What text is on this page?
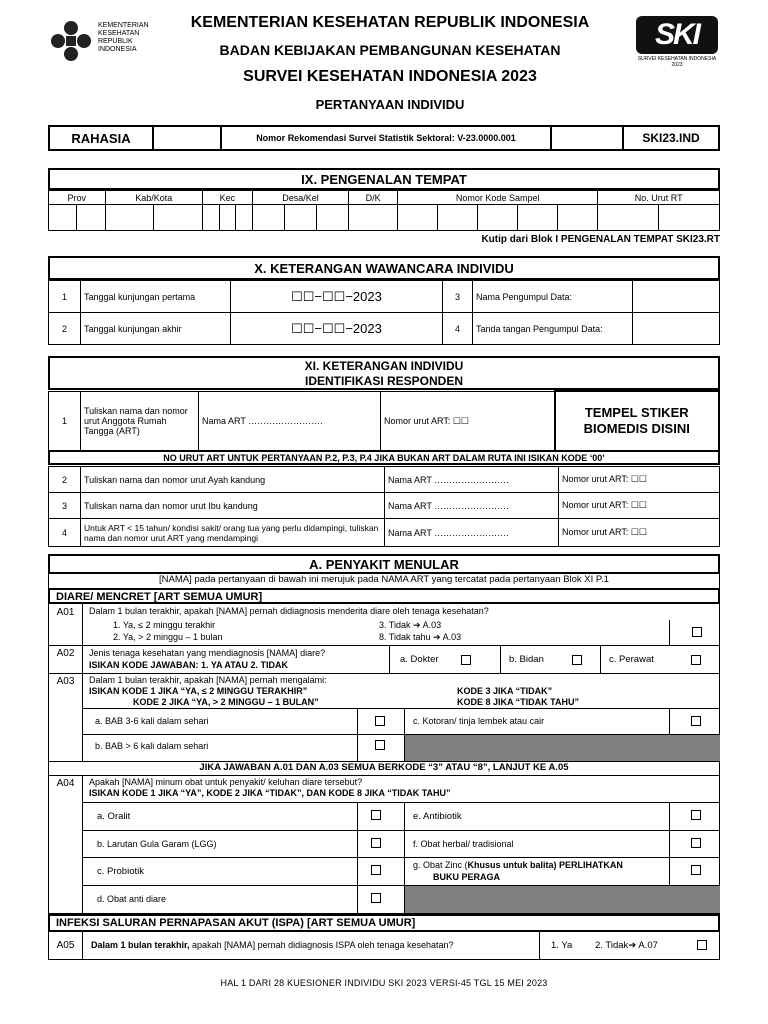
KEMENTERIAN
KESEHATAN
REPUBLIK
INDONESIA
KEMENTERIAN KESEHATAN REPUBLIK INDONESIA
BADAN KEBIJAKAN PEMBANGUNAN KESEHATAN
SURVEI KESEHATAN INDONESIA 2023
PERTANYAAN INDIVIDU
SKI
SURVEI KESEHATAN INDONESIA 2023
RAHASIA		Nomor Rekomendasi Survei Statistik Sektoral: V-23.0000.001		SKI23.IND
IX. PENGENALAN TEMPAT
Prov		Kab/Kota		Kec			Desa/Kel			D/K	Nomor Kode Sampel					No. Urut RT	

Kutip dari Blok I PENGENALAN TEMPAT SKI23.RT
X. KETERANGAN WAWANCARA INDIVIDU
1	Tanggal kunjungan pertama	☐☐−☐☐−2023	3	Nama Pengumpul Data:	
2	Tanggal kunjungan akhir	☐☐−☐☐−2023	4	Tanda tangan Pengumpul Data:	
XI. KETERANGAN INDIVIDU
IDENTIFIKASI RESPONDEN
1	Tuliskan nama dan nomor urut Anggota Rumah Tangga (ART)	Nama ART …………………….	Nomor urut ART: ☐☐	TEMPEL STIKER BIOMEDIS DISINI
NO URUT ART UNTUK PERTANYAAN P.2, P.3, P.4 JIKA BUKAN ART DALAM RUTA INI ISIKAN KODE ‘00’
2	Tuliskan nama dan nomor urut Ayah kandung	Nama ART …………………….	Nomor urut ART: ☐☐
3	Tuliskan nama dan nomor urut Ibu kandung	Nama ART …………………….	Nomor urut ART: ☐☐
4	Untuk ART < 15 tahun/ kondisi sakit/ orang tua yang perlu didampingi, tuliskan nama dan nomor urut ART yang mendampingi	Nama ART …………………….	Nomor urut ART: ☐☐
A. PENYAKIT MENULAR
[NAMA] pada pertanyaan di bawah ini merujuk pada NAMA ART yang tercatat pada pertanyaan Blok XI P.1
DIARE/ MENCRET [ART SEMUA UMUR]
A01	Dalam 1 bulan terakhir, apakah [NAMA] pernah didiagnosis menderita diare oleh tenaga kesehatan?
1. Ya, ≤ 2 minggu terakhir
2. Ya, > 2 minggu – 1 bulan
3. Tidak ➔ A.03
8. Tidak tahu ➔ A.03
A02	Jenis tenaga kesehatan yang mendiagnosis [NAMA] diare?
ISIKAN KODE JAWABAN: 1. YA ATAU 2. TIDAK	a. Dokter	b. Bidan	c. Perawat
A03	Dalam 1 bulan terakhir, apakah [NAMA] pernah mengalami:
ISIKAN KODE 1 JIKA “YA, ≤ 2 MINGGU TERAKHIR”
KODE 2 JIKA “YA, > 2 MINGGU – 1 BULAN”
KODE 3 JIKA “TIDAK”
KODE 8 JIKA “TIDAK TAHU”
a. BAB 3-6 kali dalam sehari
b. BAB > 6 kali dalam sehari
c. Kotoran/ tinja lembek atau cair
JIKA JAWABAN A.01 DAN A.03 SEMUA BERKODE “3” ATAU “8”, LANJUT KE A.05
A04	Apakah [NAMA] minum obat untuk penyakit/ keluhan diare tersebut?
ISIKAN KODE 1 JIKA “YA”, KODE 2 JIKA “TIDAK”, DAN KODE 8 JIKA “TIDAK TAHU”
a. Oralit
b. Larutan Gula Garam (LGG)
c. Probiotik
d. Obat anti diare
e. Antibiotik
f. Obat herbal/ tradisional
g. Obat Zinc (Khusus untuk balita) PERLIHATKAN
BUKU PERAGA
INFEKSI SALURAN PERNAPASAN AKUT (ISPA) [ART SEMUA UMUR]
A05	Dalam 1 bulan terakhir, apakah [NAMA] pernah didiagnosis ISPA oleh tenaga kesehatan?	1. Ya 2. Tidak➔ A.07
HAL 1 DARI 28 KUESIONER INDIVIDU SKI 2023 VERSI-45 TGL 15 MEI 2023
